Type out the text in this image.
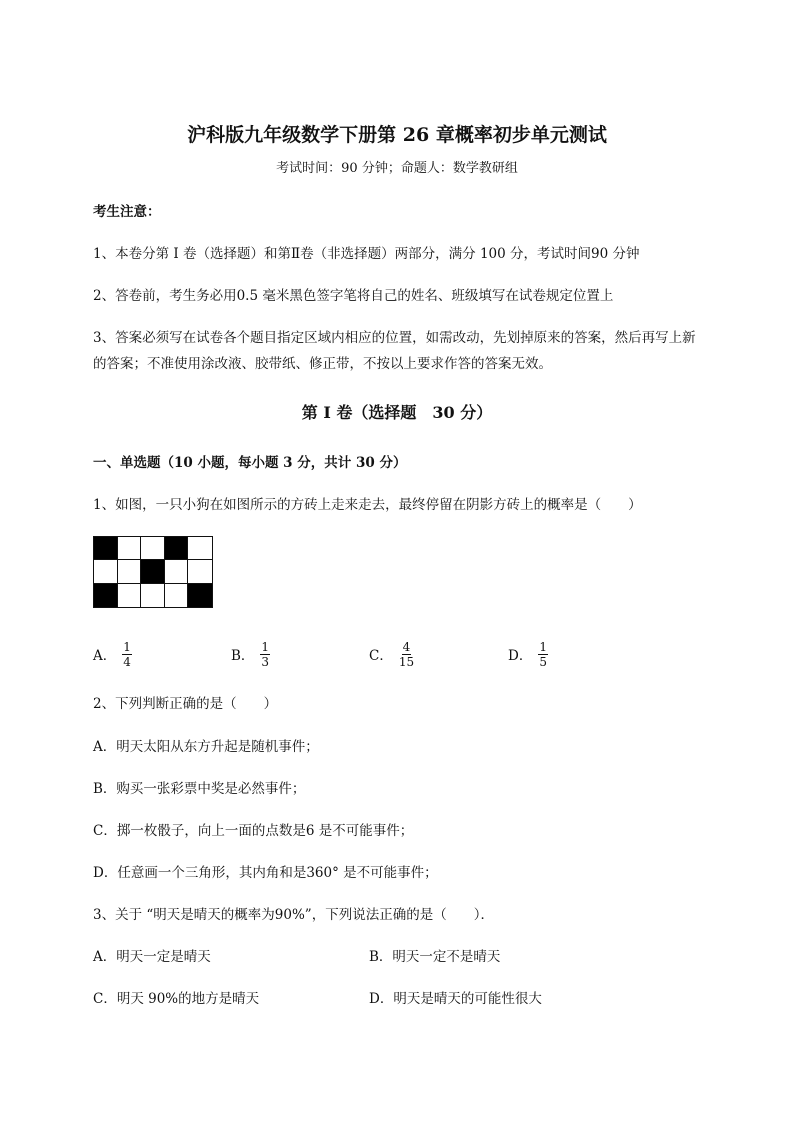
沪科版九年级数学下册第 26 章概率初步单元测试
考试时间：90 分钟；命题人：数学教研组
考生注意：
1、本卷分第 I 卷（选择题）和第Ⅱ卷（非选择题）两部分，满分 100 分，考试时间90 分钟
2、答卷前，考生务必用0.5 毫米黑色签字笔将自己的姓名、班级填写在试卷规定位置上
3、答案必须写在试卷各个题目指定区域内相应的位置，如需改动，先划掉原来的答案，然后再写上新
的答案；不准使用涂改液、胶带纸、修正带，不按以上要求作答的答案无效。
第 I 卷（选择题　30 分）
一、单选题（10 小题，每小题 3 分，共计 30 分）
1、如图，一只小狗在如图所示的方砖上走来走去，最终停留在阴影方砖上的概率是（　　）
A． $\frac{1}{4}$	B． $\frac{1}{3}$	C． $\frac{4}{15}$	D． $\frac{1}{5}$
2、下列判断正确的是（　　）
A．明天太阳从东方升起是随机事件；
B．购买一张彩票中奖是必然事件；
C．掷一枚骰子，向上一面的点数是6 是不可能事件；
D．任意画一个三角形，其内角和是360° 是不可能事件；
3、关于 “明天是晴天的概率为90%”，下列说法正确的是（　　）．
A．明天一定是晴天	B．明天一定不是晴天
C．明天 90%的地方是晴天	D．明天是晴天的可能性很大
